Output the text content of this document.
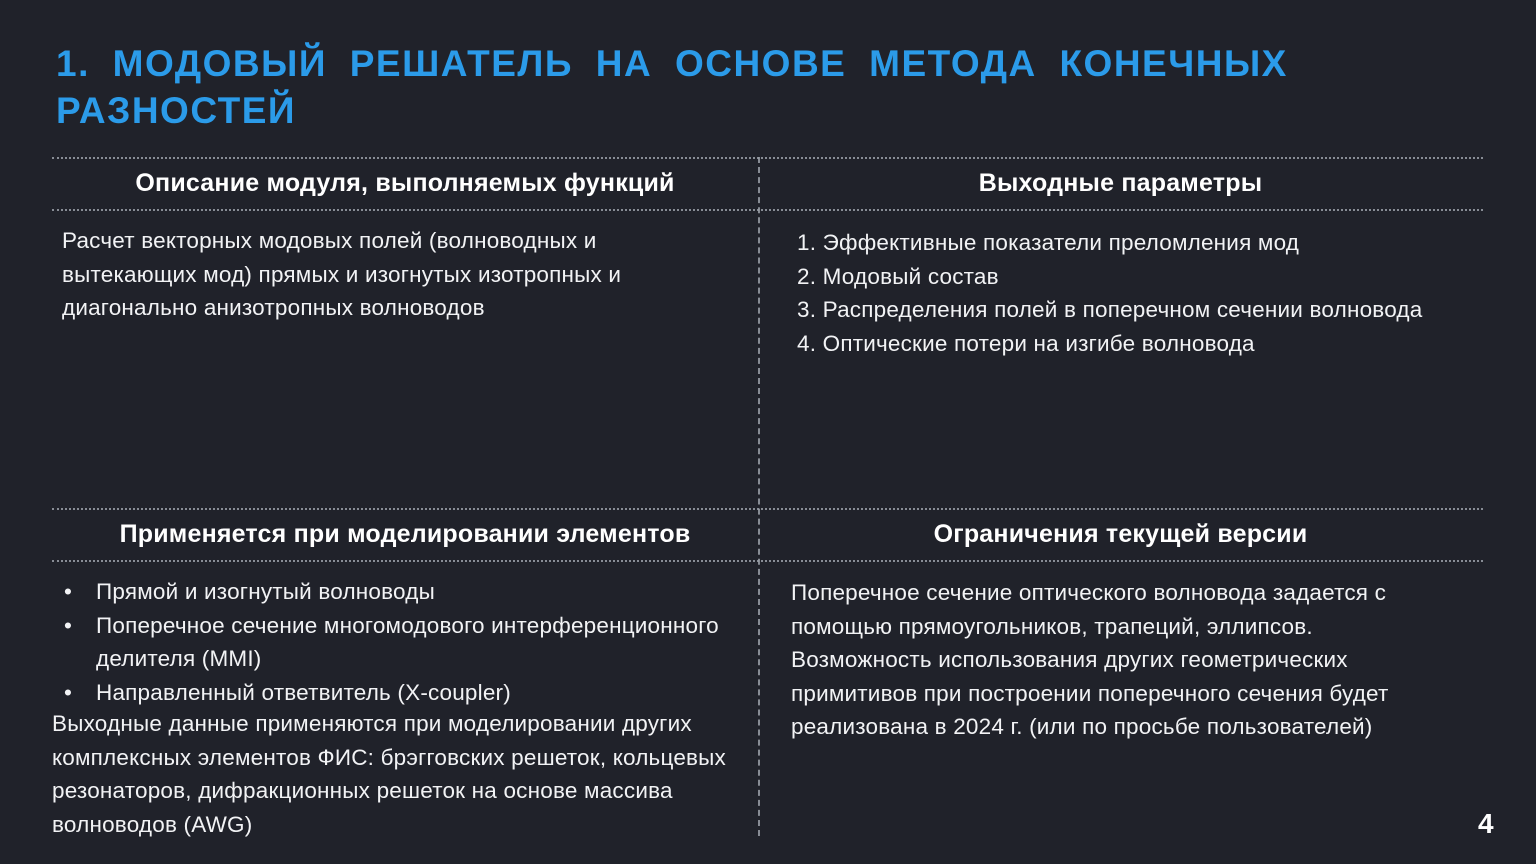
1. МОДОВЫЙ РЕШАТЕЛЬ НА ОСНОВЕ МЕТОДА КОНЕЧНЫХ РАЗНОСТЕЙ
Описание модуля, выполняемых функций	Выходные параметры
Расчет векторных модовых полей (волноводных и вытекающих мод) прямых и изогнутых изотропных и диагонально анизотропных волноводов
1. Эффективные показатели преломления мод
2. Модовый состав
3. Распределения полей в поперечном сечении волновода
4. Оптические потери на изгибе волновода
Применяется при моделировании элементов	Ограничения текущей версии
• Прямой и изогнутый волноводы
• Поперечное сечение многомодового интерференционного делителя (MMI)
• Направленный ответвитель (X-coupler)
Выходные данные применяются при моделировании других комплексных элементов ФИС: брэгговских решеток, кольцевых резонаторов, дифракционных решеток на основе массива волноводов (AWG)
Поперечное сечение оптического волновода задается с помощью прямоугольников, трапеций, эллипсов. Возможность использования других геометрических примитивов при построении поперечного сечения будет реализована в 2024 г. (или по просьбе пользователей)
4
